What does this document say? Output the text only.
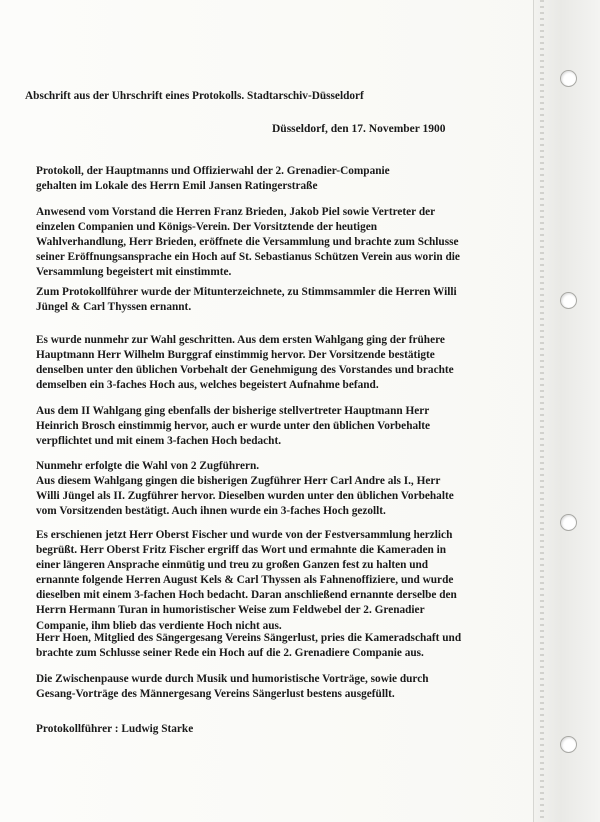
Abschrift aus der Uhrschrift eines Protokolls. Stadtarschiv-Düsseldorf
Düsseldorf, den 17. November 1900
Protokoll, der Hauptmanns und Offizierwahl der 2. Grenadier-Companie
gehalten im Lokale des Herrn Emil Jansen Ratingerstraße
Anwesend vom Vorstand die Herren Franz Brieden, Jakob Piel sowie Vertreter der
einzelen Companien und Königs-Verein. Der Vorsitztende der heutigen
Wahlverhandlung, Herr Brieden, eröffnete die Versammlung und brachte zum Schlusse
seiner Eröffnungsansprache ein Hoch auf St. Sebastianus Schützen Verein aus worin die
Versammlung begeistert mit einstimmte.
Zum Protokollführer wurde der Mitunterzeichnete, zu Stimmsammler die Herren Willi
Jüngel & Carl Thyssen ernannt.
Es wurde nunmehr zur Wahl geschritten. Aus dem ersten Wahlgang ging der frühere
Hauptmann Herr Wilhelm Burggraf einstimmig hervor. Der Vorsitzende bestätigte
denselben unter den üblichen Vorbehalt der Genehmigung des Vorstandes und brachte
demselben ein 3-faches Hoch aus, welches begeistert Aufnahme befand.
Aus dem II Wahlgang ging ebenfalls der bisherige stellvertreter Hauptmann Herr
Heinrich Brosch einstimmig hervor, auch er wurde unter den üblichen Vorbehalte
verpflichtet und mit einem 3-fachen Hoch bedacht.
Nunmehr erfolgte die Wahl von 2 Zugführern.
Aus diesem Wahlgang gingen die bisherigen Zugführer Herr Carl Andre als I., Herr
Willi Jüngel als II. Zugführer hervor. Dieselben wurden unter den üblichen Vorbehalte
vom Vorsitzenden bestätigt. Auch ihnen wurde ein 3-faches Hoch gezollt.
Es erschienen jetzt Herr Oberst Fischer und wurde von der Festversammlung herzlich
begrüßt. Herr Oberst Fritz Fischer ergriff das Wort und ermahnte die Kameraden in
einer längeren Ansprache einmütig und treu zu großen Ganzen fest zu halten und
ernannte folgende Herren August Kels & Carl Thyssen als Fahnenoffiziere, und wurde
dieselben mit einem 3-fachen Hoch bedacht. Daran anschließend ernannte derselbe den
Herrn Hermann Turan in humoristischer Weise zum Feldwebel der 2. Grenadier
Companie, ihm blieb das verdiente Hoch nicht aus.
Herr Hoen, Mitglied des Sängergesang Vereins Sängerlust, pries die Kameradschaft und
brachte zum Schlusse seiner Rede ein Hoch auf die 2. Grenadiere Companie aus.
Die Zwischenpause wurde durch Musik und humoristische Vorträge, sowie durch
Gesang-Vorträge des Männergesang Vereins Sängerlust bestens ausgefüllt.
Protokollführer : Ludwig Starke
